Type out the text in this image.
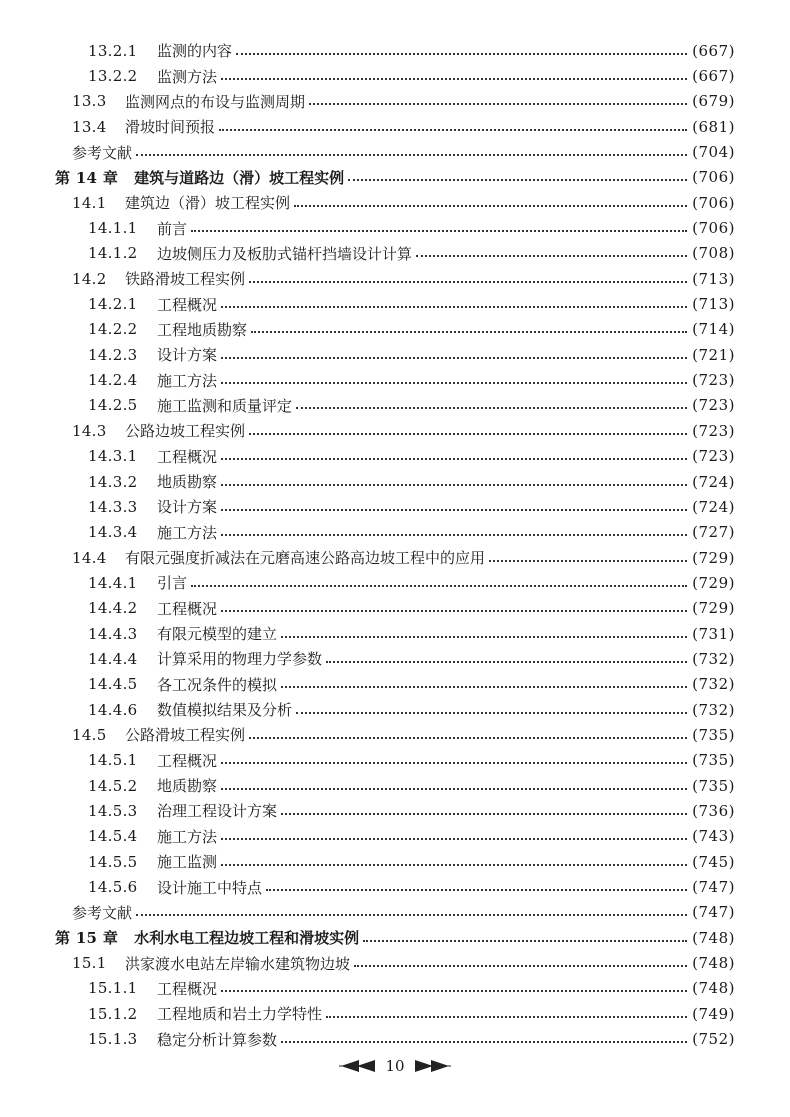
13.2.1	监测的内容	(667)
13.2.2	监测方法	(667)
13.3	监测网点的布设与监测周期	(679)
13.4	滑坡时间预报	(681)
参考文献	(704)
第 14 章 建筑与道路边（滑）坡工程实例	(706)
14.1	建筑边（滑）坡工程实例	(706)
14.1.1	前言	(706)
14.1.2	边坡侧压力及板肋式锚杆挡墙设计计算	(708)
14.2	铁路滑坡工程实例	(713)
14.2.1	工程概况	(713)
14.2.2	工程地质勘察	(714)
14.2.3	设计方案	(721)
14.2.4	施工方法	(723)
14.2.5	施工监测和质量评定	(723)
14.3	公路边坡工程实例	(723)
14.3.1	工程概况	(723)
14.3.2	地质勘察	(724)
14.3.3	设计方案	(724)
14.3.4	施工方法	(727)
14.4	有限元强度折减法在元磨高速公路高边坡工程中的应用	(729)
14.4.1	引言	(729)
14.4.2	工程概况	(729)
14.4.3	有限元模型的建立	(731)
14.4.4	计算采用的物理力学参数	(732)
14.4.5	各工况条件的模拟	(732)
14.4.6	数值模拟结果及分析	(732)
14.5	公路滑坡工程实例	(735)
14.5.1	工程概况	(735)
14.5.2	地质勘察	(735)
14.5.3	治理工程设计方案	(736)
14.5.4	施工方法	(743)
14.5.5	施工监测	(745)
14.5.6	设计施工中特点	(747)
参考文献	(747)
第 15 章 水利水电工程边坡工程和滑坡实例	(748)
15.1	洪家渡水电站左岸输水建筑物边坡	(748)
15.1.1	工程概况	(748)
15.1.2	工程地质和岩土力学特性	(749)
15.1.3	稳定分析计算参数	(752)
10
